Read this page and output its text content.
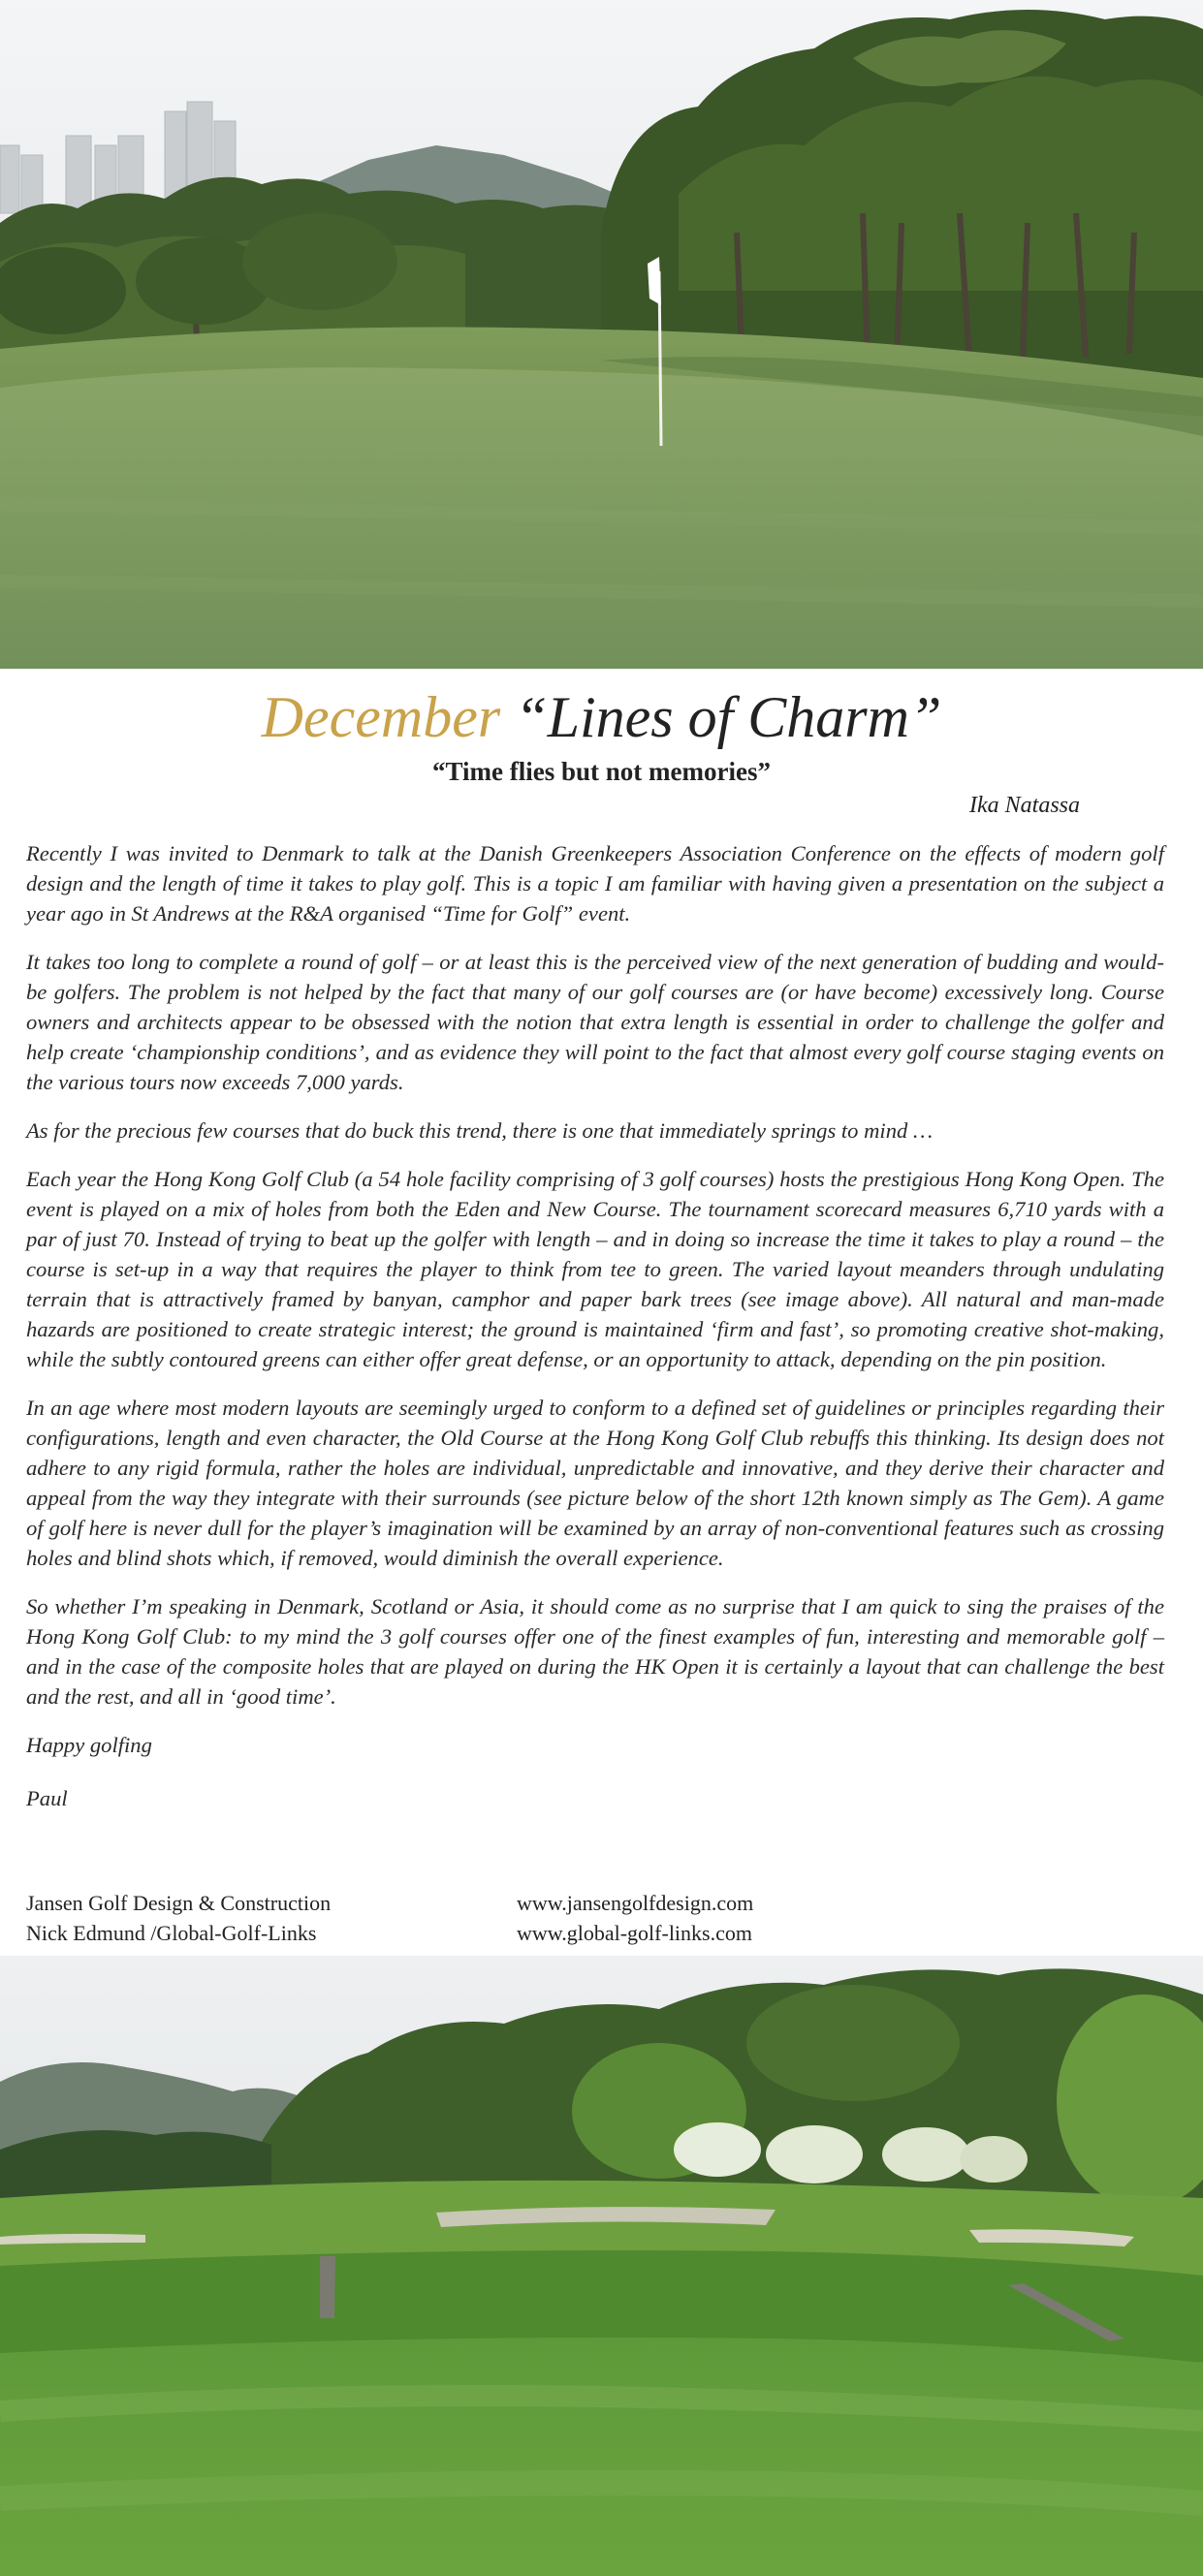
December “Lines of Charm”
“Time flies but not memories”
Ika Natassa

Recently I was invited to Denmark to talk at the Danish Greenkeepers Association Conference on the effects of modern golf design and the length of time it takes to play golf. This is a topic I am familiar with having given a presentation on the subject a year ago in St Andrews at the R&A organised “Time for Golf” event.

It takes too long to complete a round of golf – or at least this is the perceived view of the next generation of budding and would-be golfers. The problem is not helped by the fact that many of our golf courses are (or have become) excessively long. Course owners and architects appear to be obsessed with the notion that extra length is essential in order to challenge the golfer and help create ‘championship conditions’, and as evidence they will point to the fact that almost every golf course staging events on the various tours now exceeds 7,000 yards.

As for the precious few courses that do buck this trend, there is one that immediately springs to mind …

Each year the Hong Kong Golf Club (a 54 hole facility comprising of 3 golf courses) hosts the prestigious Hong Kong Open. The event is played on a mix of holes from both the Eden and New Course. The tournament scorecard measures 6,710 yards with a par of just 70. Instead of trying to beat up the golfer with length – and in doing so increase the time it takes to play a round – the course is set-up in a way that requires the player to think from tee to green. The varied layout meanders through undulating terrain that is attractively framed by banyan, camphor and paper bark trees (see image above). All natural and man-made hazards are positioned to create strategic interest; the ground is maintained ‘firm and fast’, so promoting creative shot-making, while the subtly contoured greens can either offer great defense, or an opportunity to attack, depending on the pin position.

In an age where most modern layouts are seemingly urged to conform to a defined set of guidelines or principles regarding their configurations, length and even character, the Old Course at the Hong Kong Golf Club rebuffs this thinking. Its design does not adhere to any rigid formula, rather the holes are individual, unpredictable and innovative, and they derive their character and appeal from the way they integrate with their surrounds (see picture below of the short 12th known simply as The Gem). A game of golf here is never dull for the player’s imagination will be examined by an array of non-conventional features such as crossing holes and blind shots which, if removed, would diminish the overall experience.

So whether I’m speaking in Denmark, Scotland or Asia, it should come as no surprise that I am quick to sing the praises of the Hong Kong Golf Club: to my mind the 3 golf courses offer one of the finest examples of fun, interesting and memorable golf – and in the case of the composite holes that are played on during the HK Open it is certainly a layout that can challenge the best and the rest, and all in ‘good time’.

Happy golfing

Paul

Jansen Golf Design & Construction	www.jansengolfdesign.com
Nick Edmund /Global-Golf-Links	www.global-golf-links.com
